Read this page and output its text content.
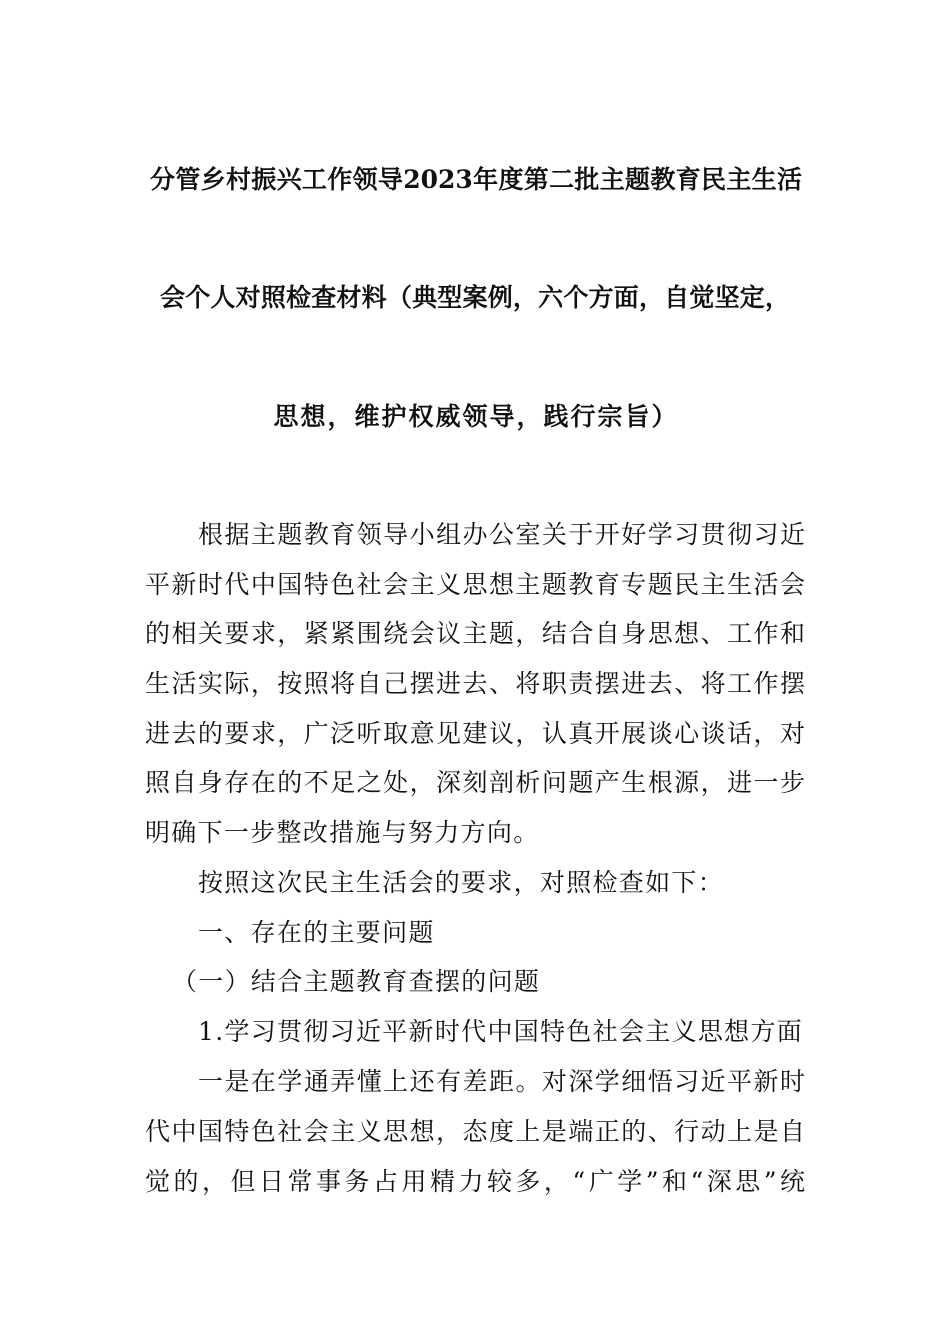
分管乡村振兴工作领导2023年度第二批主题教育民主生活
会个人对照检查材料（典型案例，六个方面，自觉坚定，
思想，维护权威领导，践行宗旨）
根据主题教育领导小组办公室关于开好学习贯彻习近
平新时代中国特色社会主义思想主题教育专题民主生活会
的相关要求，紧紧围绕会议主题，结合自身思想、工作和
生活实际，按照将自己摆进去、将职责摆进去、将工作摆
进去的要求，广泛听取意见建议，认真开展谈心谈话，对
照自身存在的不足之处，深刻剖析问题产生根源，进一步
明确下一步整改措施与努力方向。
按照这次民主生活会的要求，对照检查如下：
一、存在的主要问题
（一）结合主题教育查摆的问题
1.学习贯彻习近平新时代中国特色社会主义思想方面
一是在学通弄懂上还有差距。对深学细悟习近平新时
代中国特色社会主义思想，态度上是端正的、行动上是自
觉的，但日常事务占用精力较多，“广学”和“深思”统
